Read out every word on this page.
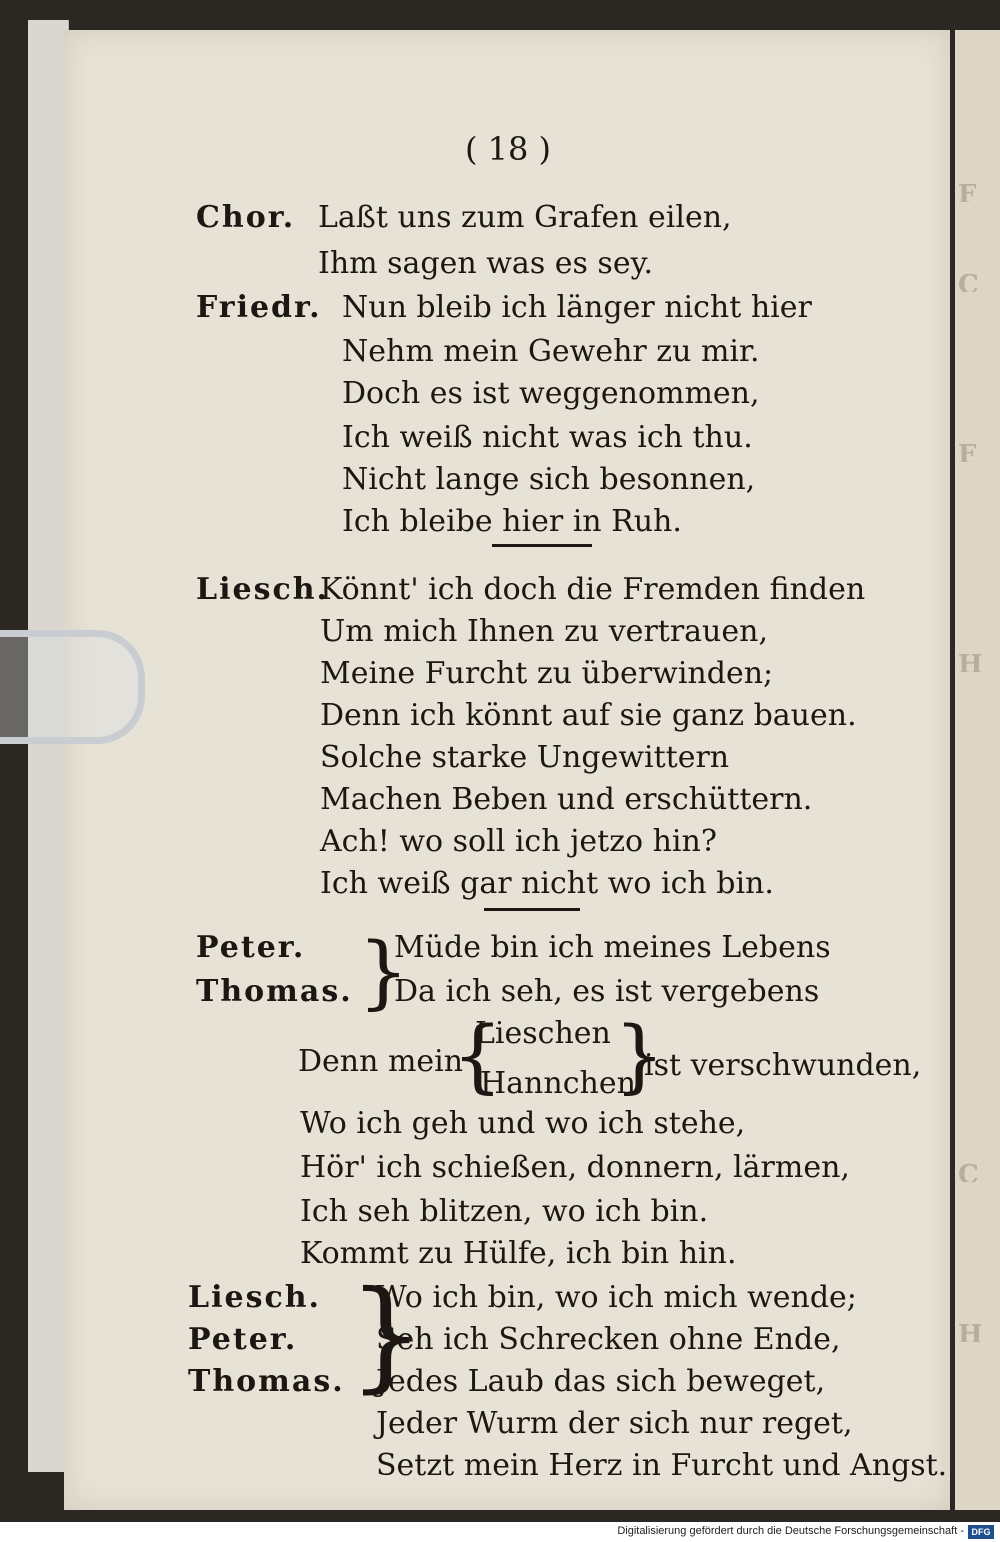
F
C
F
H
C
H
( 18 )
Chor. Laßt uns zum Grafen eilen,
Ihm sagen was es sey.
Friedr. Nun bleib ich länger nicht hier
Nehm mein Gewehr zu mir.
Doch es ist weggenommen,
Ich weiß nicht was ich thu.
Nicht lange sich besonnen,
Ich bleibe hier in Ruh.
Liesch.
Könnt' ich doch die Fremden finden
Um mich Ihnen zu vertrauen,
Meine Furcht zu überwinden;
Denn ich könnt auf sie ganz bauen.
Solche starke Ungewittern
Machen Beben und erschüttern.
Ach! wo soll ich jetzo hin?
Ich weiß gar nicht wo ich bin.
Peter.
Thomas. }
Müde bin ich meines Lebens
Da ich seh, es ist vergebens
Lieschen
{
Denn mein }
ist verschwunden,
Hannchen
Wo ich geh und wo ich stehe,
Hör' ich schießen, donnern, lärmen,
Ich seh blitzen, wo ich bin.
Kommt zu Hülfe, ich bin hin.
Liesch.
Peter.
Thomas. }
Wo ich bin, wo ich mich wende;
Seh ich Schrecken ohne Ende,
Jedes Laub das sich beweget,
Jeder Wurm der sich nur reget,
Setzt mein Herz in Furcht und Angst.
Digitalisierung gefördert durch die Deutsche Forschungsgemeinschaft - DFG
